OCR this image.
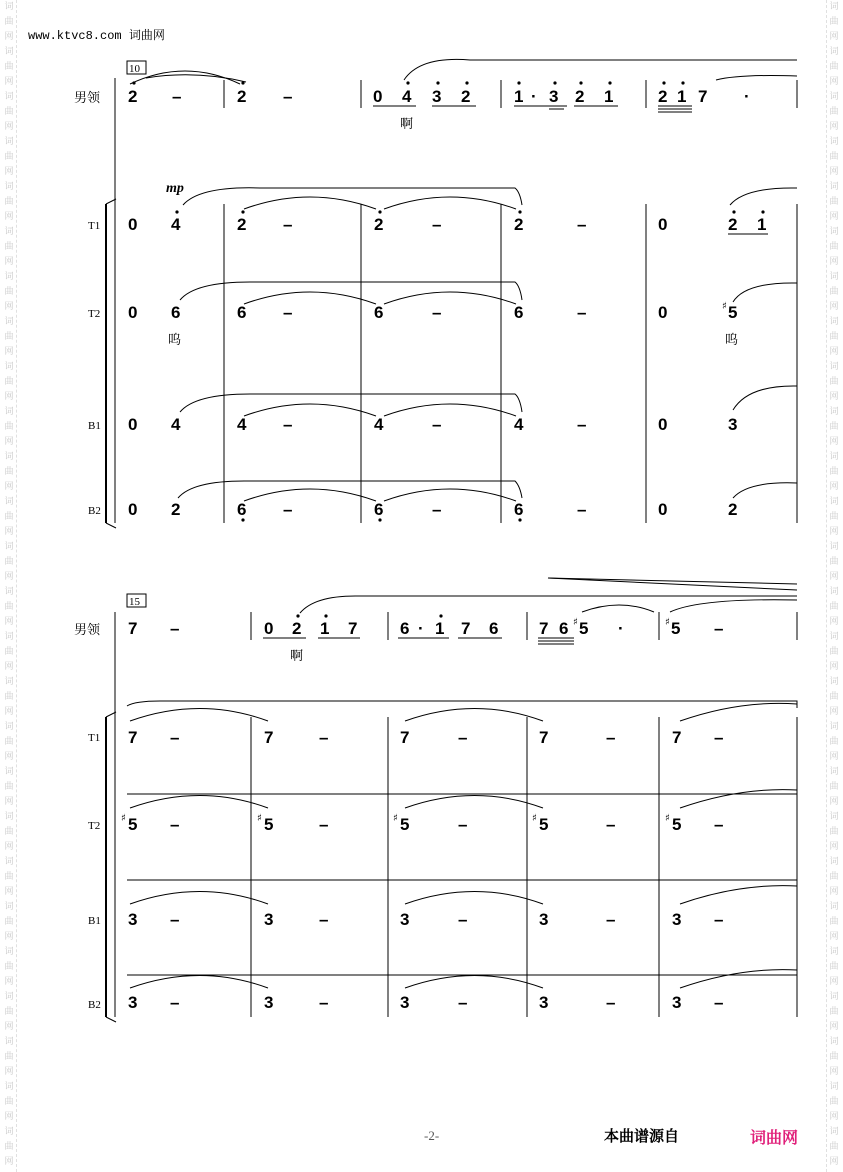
词
曲
网
词
曲
网
词
曲
网
词
曲
网
词
曲
网
词
曲
网
词
曲
网
词
曲
网
词
曲
网
词
曲
网
词
曲
网
词
曲
网
词
曲
网
词
曲
网
词
曲
网
词
曲
网
词
曲
网
词
曲
网
词
曲
网
词
曲
网
词
曲
网
词
曲
网
词
曲
网
词
曲
网
词
曲
网
词
曲
网
词
曲
网
词
曲
网
词
曲
网
词
曲
网
词
曲
网
词
曲
网
词
曲
网
词
曲
网
词
曲
网
词
曲
网
词
曲
网
词
曲
网
词
曲
网
词
曲
网
词
曲
网
词
曲
网
词
曲
网
词
曲
网
词
曲
网
词
曲
网
词
曲
网
词
曲
网
词
曲
网
词
曲
网
词
曲
网
词
曲
网
www.ktvc8.com 词曲网
男领
T1
T2
B1
B2
10
男领
T1
T2
B1
B2
15
mp
2 –	2 –	0 4 3 2	1 · 3 2 1	2 1 7 ·
啊
0 4	2 –	2	–	2	–	0	2 1
0 6	6 –	6	–	6	–	0	5
0 4	4 –	4	–	4	–	0	3
0 2	6 –	6	–	6	–	0	2
♯
呜	呜
7 –	0 2 1 7	6 · 1 7 6 7 6 5 ·	5 –
♯	♯
啊
7 –	7	–	7	–	7	–	7 –
5 –	5	–	5	–	5	–	5 –
3 –	3	–	3	–	3	–	3 –
3 –	3	–	3	–	3	–	3 –
♯	♯	♯	♯	♯
-2-	本曲谱源自	词曲网
